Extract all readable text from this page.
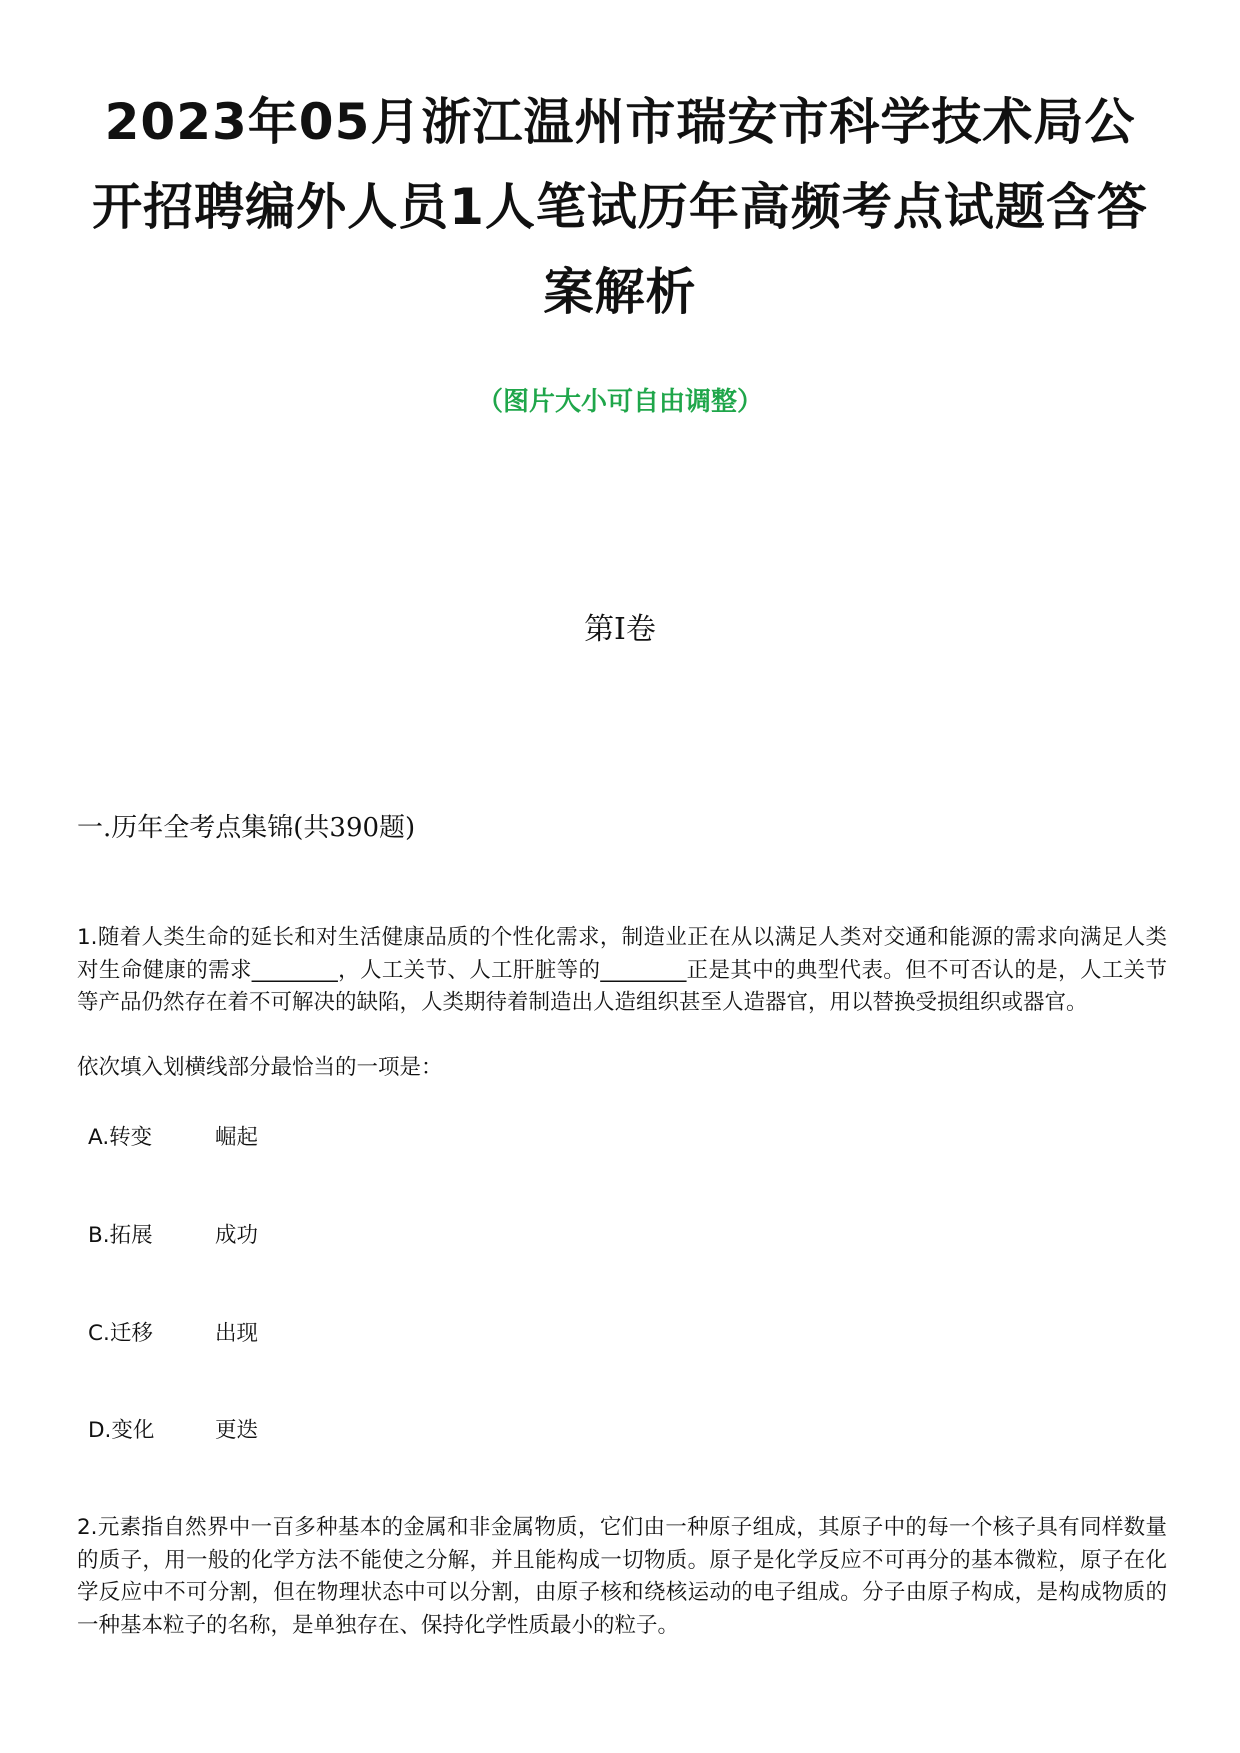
2023年05月浙江温州市瑞安市科学技术局公开招聘编外人员1人笔试历年高频考点试题含答案解析
（图片大小可自由调整）
第Ⅰ卷
一.历年全考点集锦(共390题)
1.随着人类生命的延长和对生活健康品质的个性化需求，制造业正在从以满足人类对交通和能源的需求向满足人类对生命健康的需求________，人工关节、人工肝脏等的________正是其中的典型代表。但不可否认的是，人工关节等产品仍然存在着不可解决的缺陷，人类期待着制造出人造组织甚至人造器官，用以替换受损组织或器官。
依次填入划横线部分最恰当的一项是：
A.转变	崛起
B.拓展	成功
C.迁移	出现
D.变化	更迭
2.元素指自然界中一百多种基本的金属和非金属物质，它们由一种原子组成，其原子中的每一个核子具有同样数量的质子，用一般的化学方法不能使之分解，并且能构成一切物质。原子是化学反应不可再分的基本微粒，原子在化学反应中不可分割，但在物理状态中可以分割，由原子核和绕核运动的电子组成。分子由原子构成，是构成物质的一种基本粒子的名称，是单独存在、保持化学性质最小的粒子。
